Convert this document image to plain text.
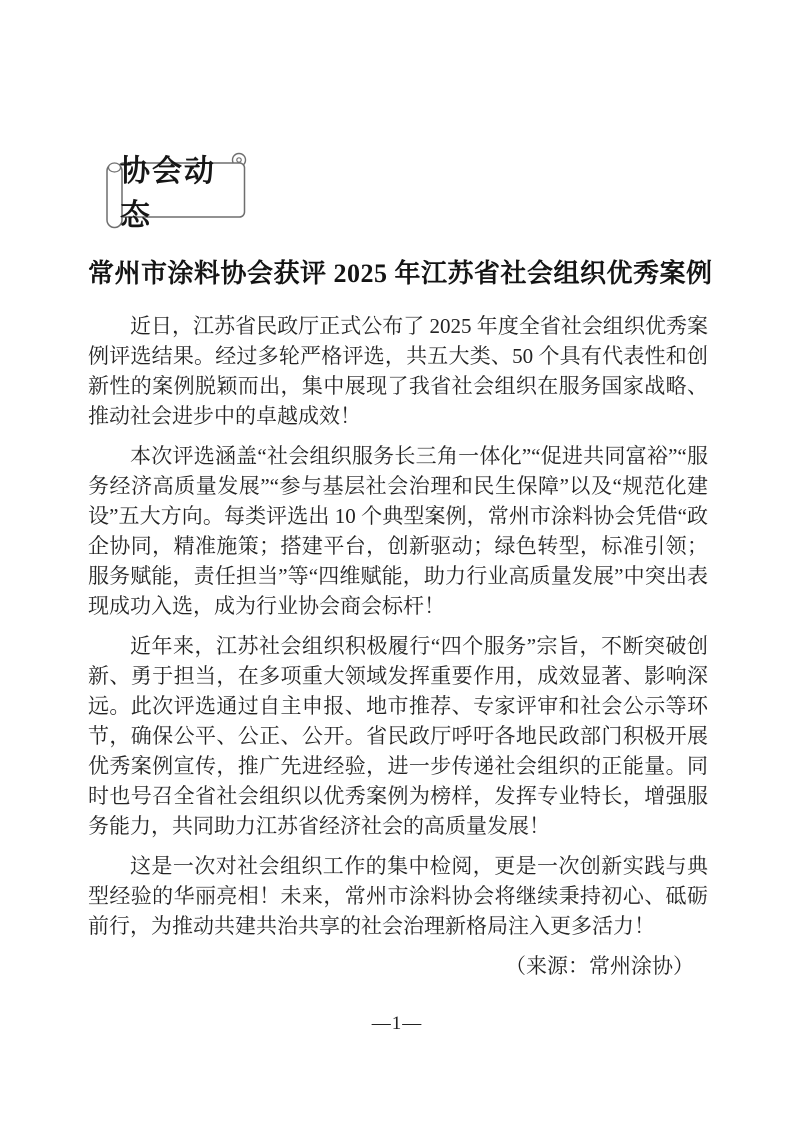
协会动态
常州市涂料协会获评 2025 年江苏省社会组织优秀案例

近日，江苏省民政厅正式公布了 2025 年度全省社会组织优秀案例评选结果。经过多轮严格评选，共五大类、50 个具有代表性和创新性的案例脱颖而出，集中展现了我省社会组织在服务国家战略、推动社会进步中的卓越成效！

本次评选涵盖“社会组织服务长三角一体化”“促进共同富裕”“服务经济高质量发展”“参与基层社会治理和民生保障”以及“规范化建设”五大方向。每类评选出 10 个典型案例，常州市涂料协会凭借“政企协同，精准施策；搭建平台，创新驱动；绿色转型，标准引领；服务赋能，责任担当”等“四维赋能，助力行业高质量发展”中突出表现成功入选，成为行业协会商会标杆！

近年来，江苏社会组织积极履行“四个服务”宗旨，不断突破创新、勇于担当，在多项重大领域发挥重要作用，成效显著、影响深远。此次评选通过自主申报、地市推荐、专家评审和社会公示等环节，确保公平、公正、公开。省民政厅呼吁各地民政部门积极开展优秀案例宣传，推广先进经验，进一步传递社会组织的正能量。同时也号召全省社会组织以优秀案例为榜样，发挥专业特长，增强服务能力，共同助力江苏省经济社会的高质量发展！

这是一次对社会组织工作的集中检阅，更是一次创新实践与典型经验的华丽亮相！未来，常州市涂料协会将继续秉持初心、砥砺前行，为推动共建共治共享的社会治理新格局注入更多活力！

（来源：常州涂协）

—1—
